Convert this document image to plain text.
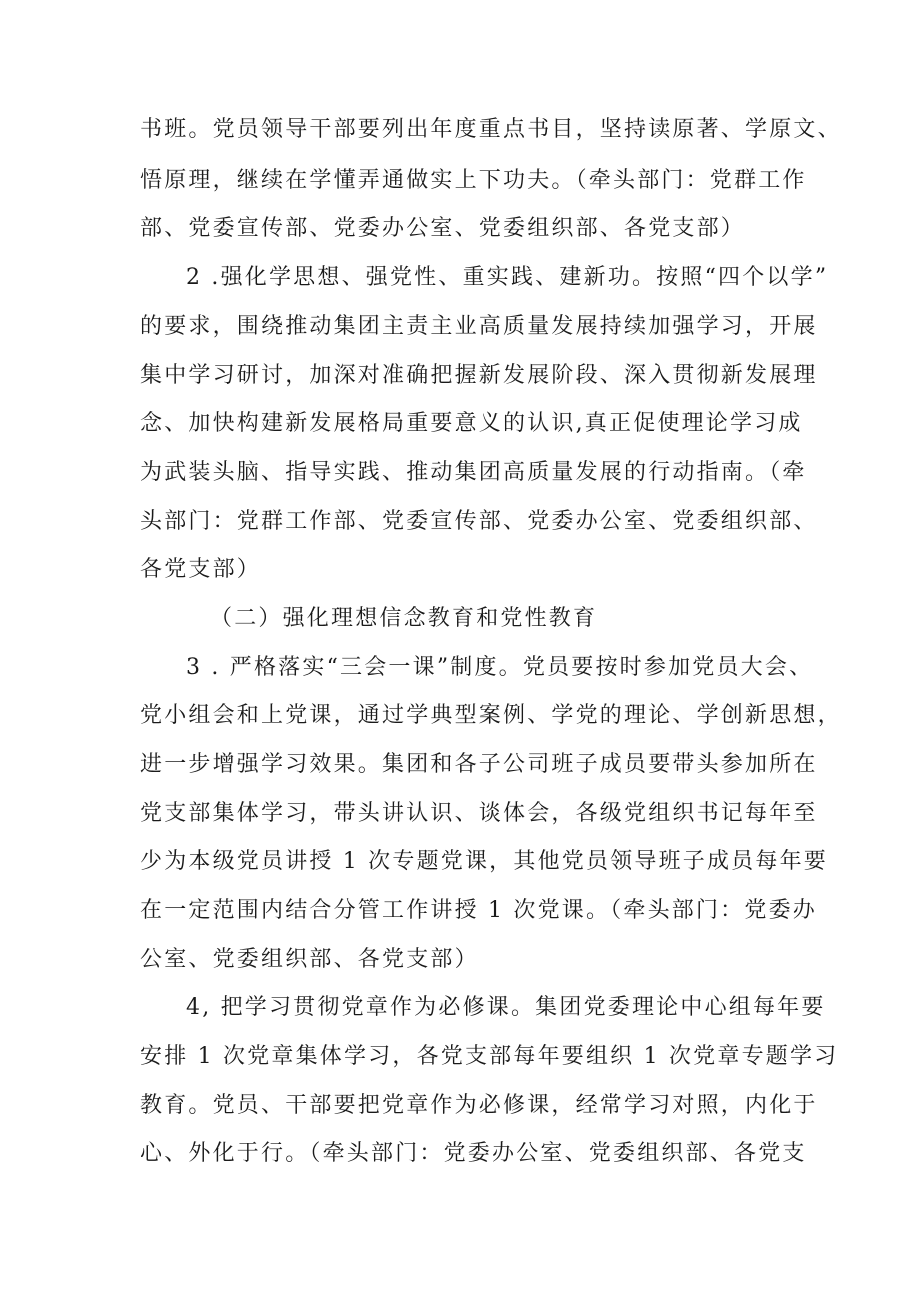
书班。党员领导干部要列出年度重点书目，坚持读原著、学原文、

悟原理，继续在学懂弄通做实上下功夫。（牵头部门：党群工作

部、党委宣传部、党委办公室、党委组织部、各党支部）

2 .强化学思想、强党性、重实践、建新功。按照“四个以学”

的要求，围绕推动集团主责主业高质量发展持续加强学习，开展

集中学习研讨，加深对准确把握新发展阶段、深入贯彻新发展理

念、加快构建新发展格局重要意义的认识,真正促使理论学习成

为武装头脑、指导实践、推动集团高质量发展的行动指南。（牵

头部门：党群工作部、党委宣传部、党委办公室、党委组织部、

各党支部）

（二）强化理想信念教育和党性教育

3 . 严格落实“三会一课”制度。党员要按时参加党员大会、

党小组会和上党课，通过学典型案例、学党的理论、学创新思想，

进一步增强学习效果。集团和各子公司班子成员要带头参加所在

党支部集体学习，带头讲认识、谈体会，各级党组织书记每年至

少为本级党员讲授 1 次专题党课，其他党员领导班子成员每年要

在一定范围内结合分管工作讲授 1 次党课。（牵头部门：党委办

公室、党委组织部、各党支部）

4, 把学习贯彻党章作为必修课。集团党委理论中心组每年要

安排 1 次党章集体学习，各党支部每年要组织 1 次党章专题学习

教育。党员、干部要把党章作为必修课，经常学习对照，内化于

心、外化于行。（牵头部门：党委办公室、党委组织部、各党支
